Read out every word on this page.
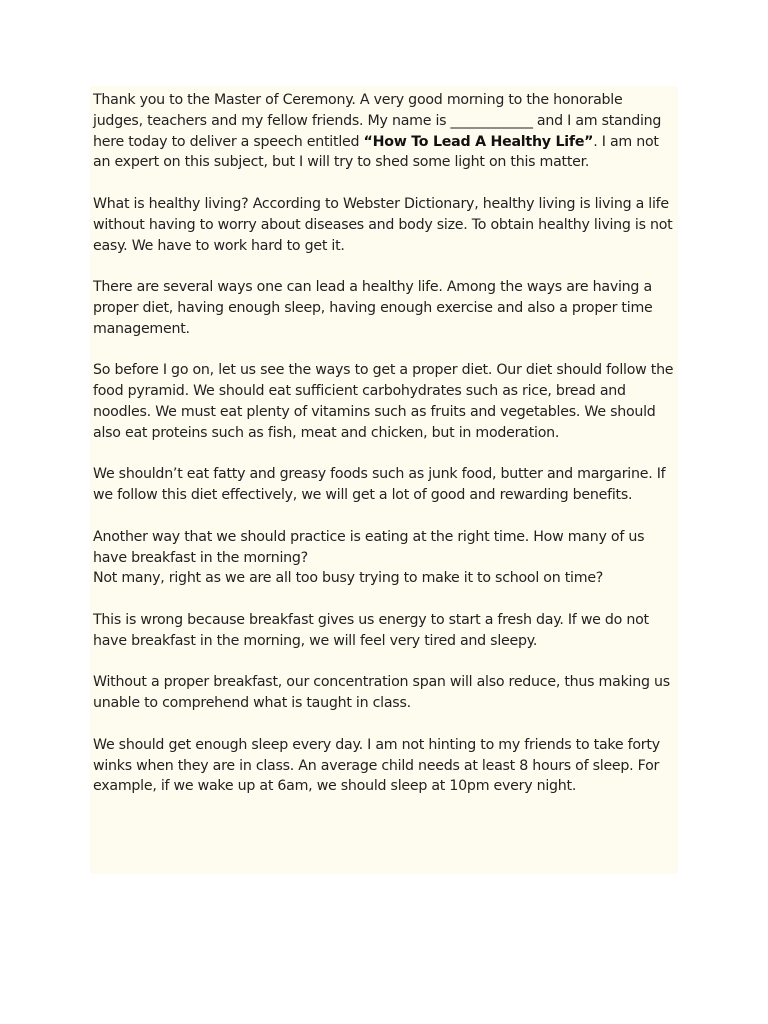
Thank you to the Master of Ceremony. A very good morning to the honorable judges, teachers and my fellow friends. My name is ____________ and I am standing here today to deliver a speech entitled “How To Lead A Healthy Life”. I am not an expert on this subject, but I will try to shed some light on this matter.

What is healthy living? According to Webster Dictionary, healthy living is living a life without having to worry about diseases and body size. To obtain healthy living is not easy. We have to work hard to get it.

There are several ways one can lead a healthy life. Among the ways are having a proper diet, having enough sleep, having enough exercise and also a proper time management.

So before I go on, let us see the ways to get a proper diet. Our diet should follow the food pyramid. We should eat sufficient carbohydrates such as rice, bread and noodles. We must eat plenty of vitamins such as fruits and vegetables. We should also eat proteins such as fish, meat and chicken, but in moderation.

We shouldn’t eat fatty and greasy foods such as junk food, butter and margarine. If we follow this diet effectively, we will get a lot of good and rewarding benefits.

Another way that we should practice is eating at the right time. How many of us have breakfast in the morning?

Not many, right as we are all too busy trying to make it to school on time?

This is wrong because breakfast gives us energy to start a fresh day. If we do not have breakfast in the morning, we will feel very tired and sleepy.

Without a proper breakfast, our concentration span will also reduce, thus making us unable to comprehend what is taught in class.

We should get enough sleep every day. I am not hinting to my friends to take forty winks when they are in class. An average child needs at least 8 hours of sleep. For example, if we wake up at 6am, we should sleep at 10pm every night.
